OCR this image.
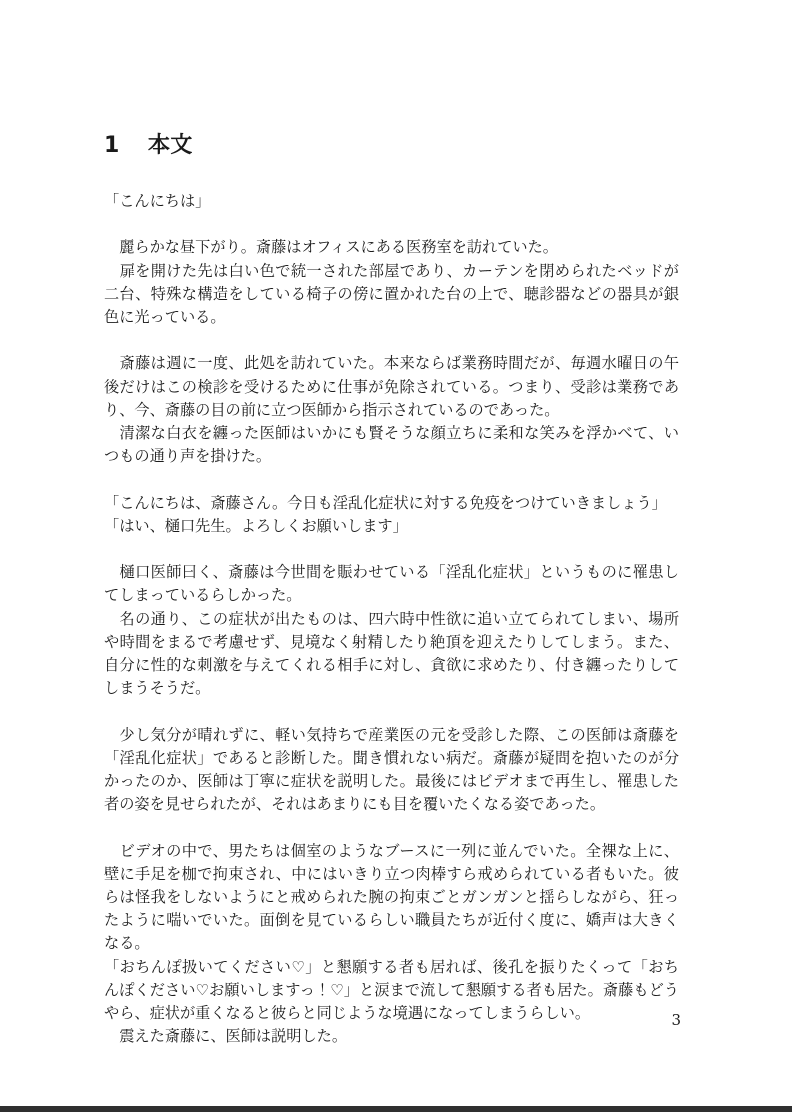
1 本文

「こんにちは」

　麗らかな昼下がり。斎藤はオフィスにある医務室を訪れていた。

　扉を開けた先は白い色で統一された部屋であり、カーテンを閉められたベッドが二台、特殊な構造をしている椅子の傍に置かれた台の上で、聴診器などの器具が銀色に光っている。

　斎藤は週に一度、此処を訪れていた。本来ならば業務時間だが、毎週水曜日の午後だけはこの検診を受けるために仕事が免除されている。つまり、受診は業務であり、今、斎藤の目の前に立つ医師から指示されているのであった。

　清潔な白衣を纏った医師はいかにも賢そうな顔立ちに柔和な笑みを浮かべて、いつもの通り声を掛けた。

「こんにちは、斎藤さん。今日も淫乱化症状に対する免疫をつけていきましょう」

「はい、樋口先生。よろしくお願いします」

　樋口医師曰く、斎藤は今世間を賑わせている「淫乱化症状」というものに罹患してしまっているらしかった。

　名の通り、この症状が出たものは、四六時中性欲に追い立てられてしまい、場所や時間をまるで考慮せず、見境なく射精したり絶頂を迎えたりしてしまう。また、自分に性的な刺激を与えてくれる相手に対し、貪欲に求めたり、付き纏ったりしてしまうそうだ。

　少し気分が晴れずに、軽い気持ちで産業医の元を受診した際、この医師は斎藤を「淫乱化症状」であると診断した。聞き慣れない病だ。斎藤が疑問を抱いたのが分かったのか、医師は丁寧に症状を説明した。最後にはビデオまで再生し、罹患した者の姿を見せられたが、それはあまりにも目を覆いたくなる姿であった。

　ビデオの中で、男たちは個室のようなブースに一列に並んでいた。全裸な上に、壁に手足を枷で拘束され、中にはいきり立つ肉棒すら戒められている者もいた。彼らは怪我をしないようにと戒められた腕の拘束ごとガンガンと揺らしながら、狂ったように喘いでいた。面倒を見ているらしい職員たちが近付く度に、嬌声は大きくなる。

「おちんぽ扱いてください♡」と懇願する者も居れば、後孔を振りたくって「おちんぽください♡お願いしますっ！♡」と涙まで流して懇願する者も居た。斎藤もどうやら、症状が重くなると彼らと同じような境遇になってしまうらしい。

　震えた斎藤に、医師は説明した。

3
